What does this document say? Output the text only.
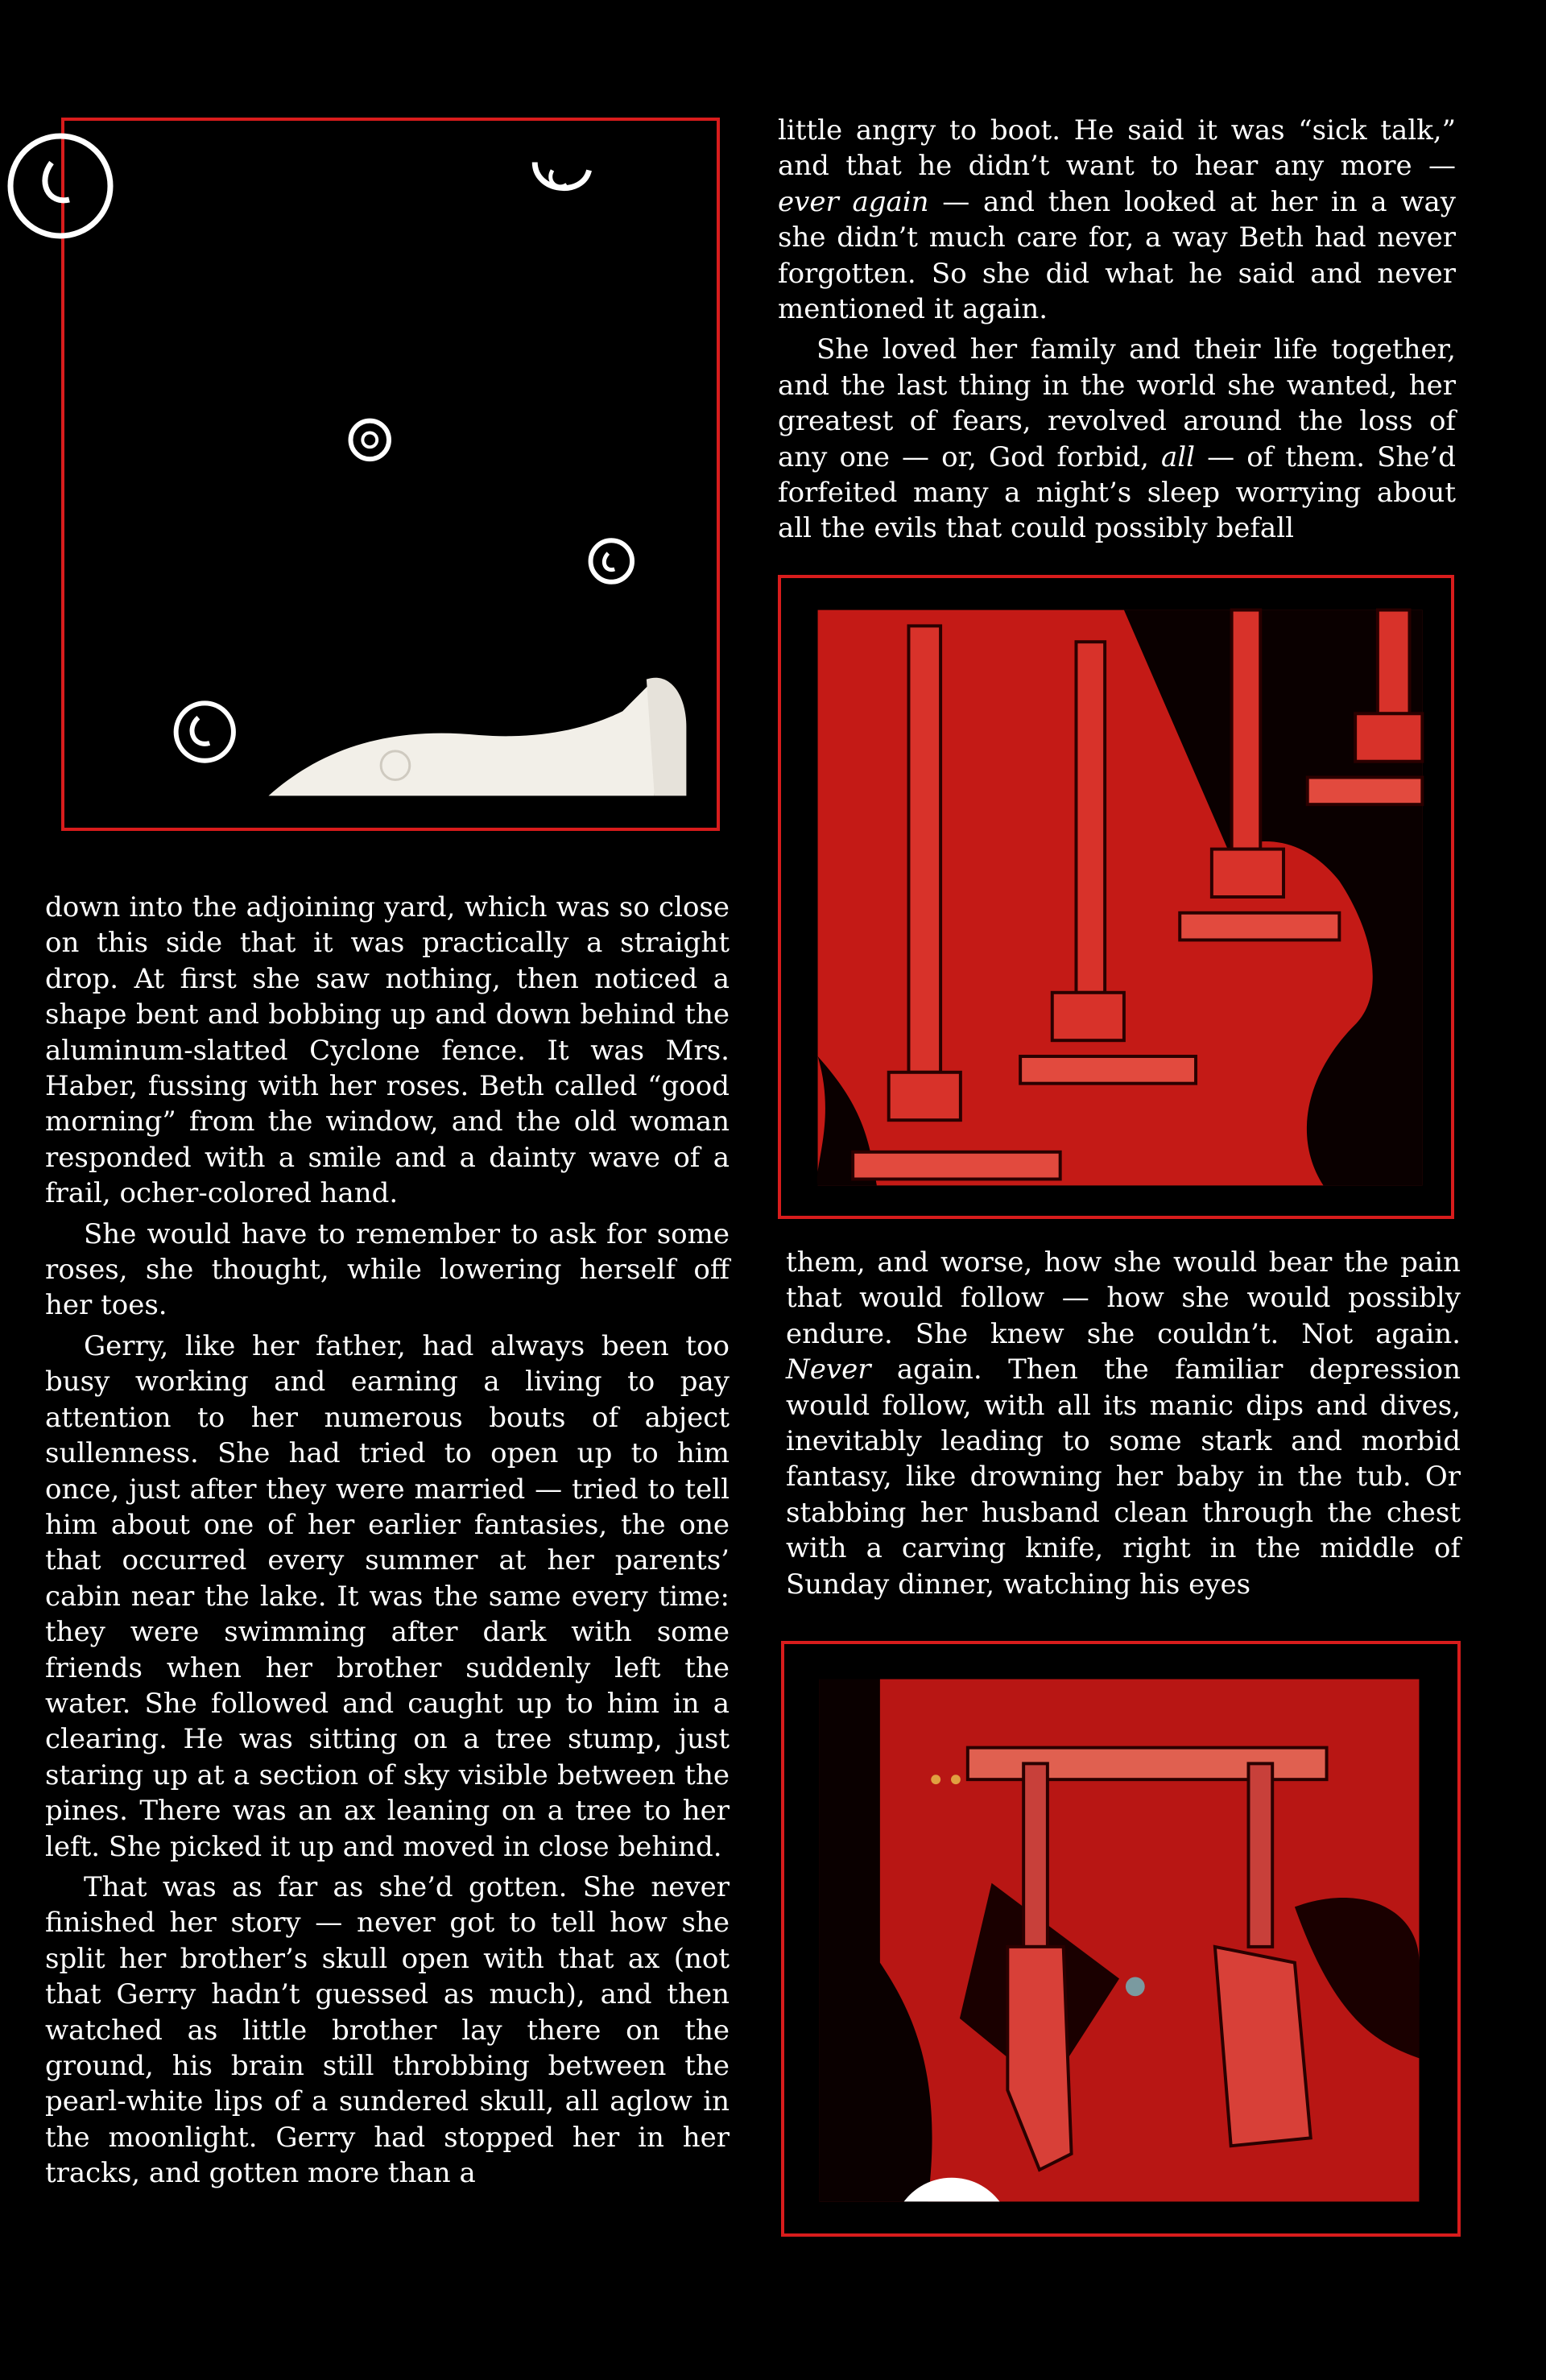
little angry to boot. He said it was “sick talk,” and that he didn’t want to hear any more — ever again — and then looked at her in a way she didn’t much care for, a way Beth had never forgotten. So she did what he said and never mentioned it again.

She loved her family and their life together, and the last thing in the world she wanted, her greatest of fears, revolved around the loss of any one — or, God forbid, all — of them. She’d forfeited many a night’s sleep worrying about all the evils that could possibly befall

them, and worse, how she would bear the pain that would follow — how she would possibly endure. She knew she couldn’t. Not again. Never again. Then the familiar depression would follow, with all its manic dips and dives, inevitably leading to some stark and morbid fantasy, like drowning her baby in the tub. Or stabbing her husband clean through the chest with a carving knife, right in the middle of Sunday dinner, watching his eyes

down into the adjoining yard, which was so close on this side that it was practically a straight drop. At first she saw nothing, then noticed a shape bent and bobbing up and down behind the aluminum-slatted Cyclone fence. It was Mrs. Haber, fussing with her roses. Beth called “good morning” from the window, and the old woman responded with a smile and a dainty wave of a frail, ocher-colored hand.

She would have to remember to ask for some roses, she thought, while lowering herself off her toes.

Gerry, like her father, had always been too busy working and earning a living to pay attention to her numerous bouts of abject sullenness. She had tried to open up to him once, just after they were married — tried to tell him about one of her earlier fantasies, the one that occurred every summer at her parents’ cabin near the lake. It was the same every time: they were swimming after dark with some friends when her brother suddenly left the water. She followed and caught up to him in a clearing. He was sitting on a tree stump, just staring up at a section of sky visible between the pines. There was an ax leaning on a tree to her left. She picked it up and moved in close behind.

That was as far as she’d gotten. She never finished her story — never got to tell how she split her brother’s skull open with that ax (not that Gerry hadn’t guessed as much), and then watched as little brother lay there on the ground, his brain still throbbing between the pearl-white lips of a sundered skull, all aglow in the moonlight. Gerry had stopped her in her tracks, and gotten more than a
